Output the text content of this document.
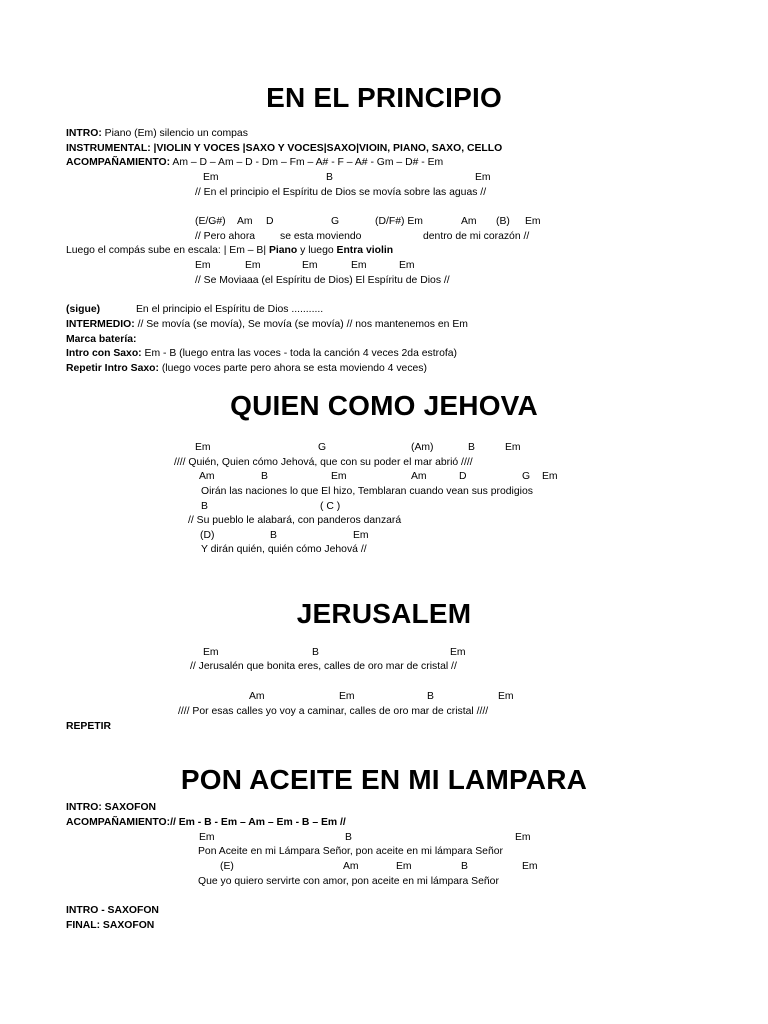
EN EL PRINCIPIO
INTRO: Piano (Em) silencio un compas
INSTRUMENTAL: |VIOLIN Y VOCES |SAXO Y VOCES|SAXO|VIOIN, PIANO, SAXO, CELLO
ACOMPAÑAMIENTO: Am – D – Am – D - Dm – Fm – A# - F – A# - Gm – D# - Em
Em	B	Em
// En el principio el Espíritu de Dios se movía sobre las aguas //
(E/G#) Am D	G	(D/F#) Em	Am (B) Em
// Pero ahora se esta moviendo	dentro de mi corazón //
Luego el compás sube en escala: | Em – B| Piano y luego Entra violin
Em	Em	Em	Em	Em
// Se Moviaaa (el Espíritu de Dios) El Espíritu de Dios //
(sigue)	En el principio el Espíritu de Dios ...........
INTERMEDIO: // Se movía (se movía), Se movía (se movía) // nos mantenemos en Em
Marca batería:
Intro con Saxo: Em - B (luego entra las voces - toda la canción 4 veces 2da estrofa)
Repetir Intro Saxo: (luego voces parte pero ahora se esta moviendo 4 veces)
QUIEN COMO JEHOVA
Em	G	(Am)	B	Em
//// Quién, Quien cómo Jehová, que con su poder el mar abrió ////
Am	B	Em	Am	D	G Em
Oirán las naciones lo que El hizo, Temblaran cuando vean sus prodigios
B	( C )
// Su pueblo le alabará, con panderos danzará
(D)	B	Em
Y dirán quién, quién cómo Jehová //
JERUSALEM
Em	B	Em
// Jerusalén que bonita eres, calles de oro mar de cristal //
Am	Em	B	Em
//// Por esas calles yo voy a caminar, calles de oro mar de cristal ////
REPETIR
PON ACEITE EN MI LAMPARA
INTRO: SAXOFON
ACOMPAÑAMIENTO:// Em - B - Em – Am – Em - B – Em //
Em	B	Em
Pon Aceite en mi Lámpara Señor, pon aceite en mi lámpara Señor
(E)	Am	Em	B	Em
Que yo quiero servirte con amor, pon aceite en mi lámpara Señor
INTRO - SAXOFON
FINAL: SAXOFON
